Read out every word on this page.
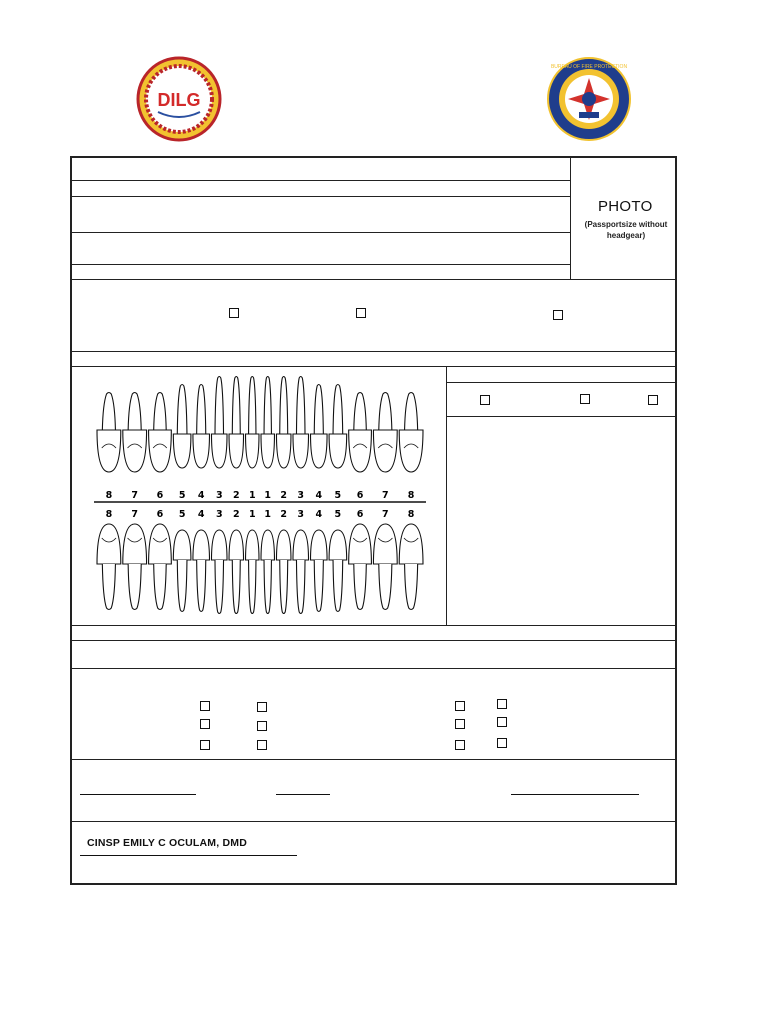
DILG
BUREAU OF FIRE PROTECTION
PHOTO
(Passportsize without
headgear)
8 7 6 5 4 3 2 1 1 2 3 4 5 6 7 8
8 7 6 5 4 3 2 1 1 2 3 4 5 6 7 8
CINSP EMILY C OCULAM, DMD
